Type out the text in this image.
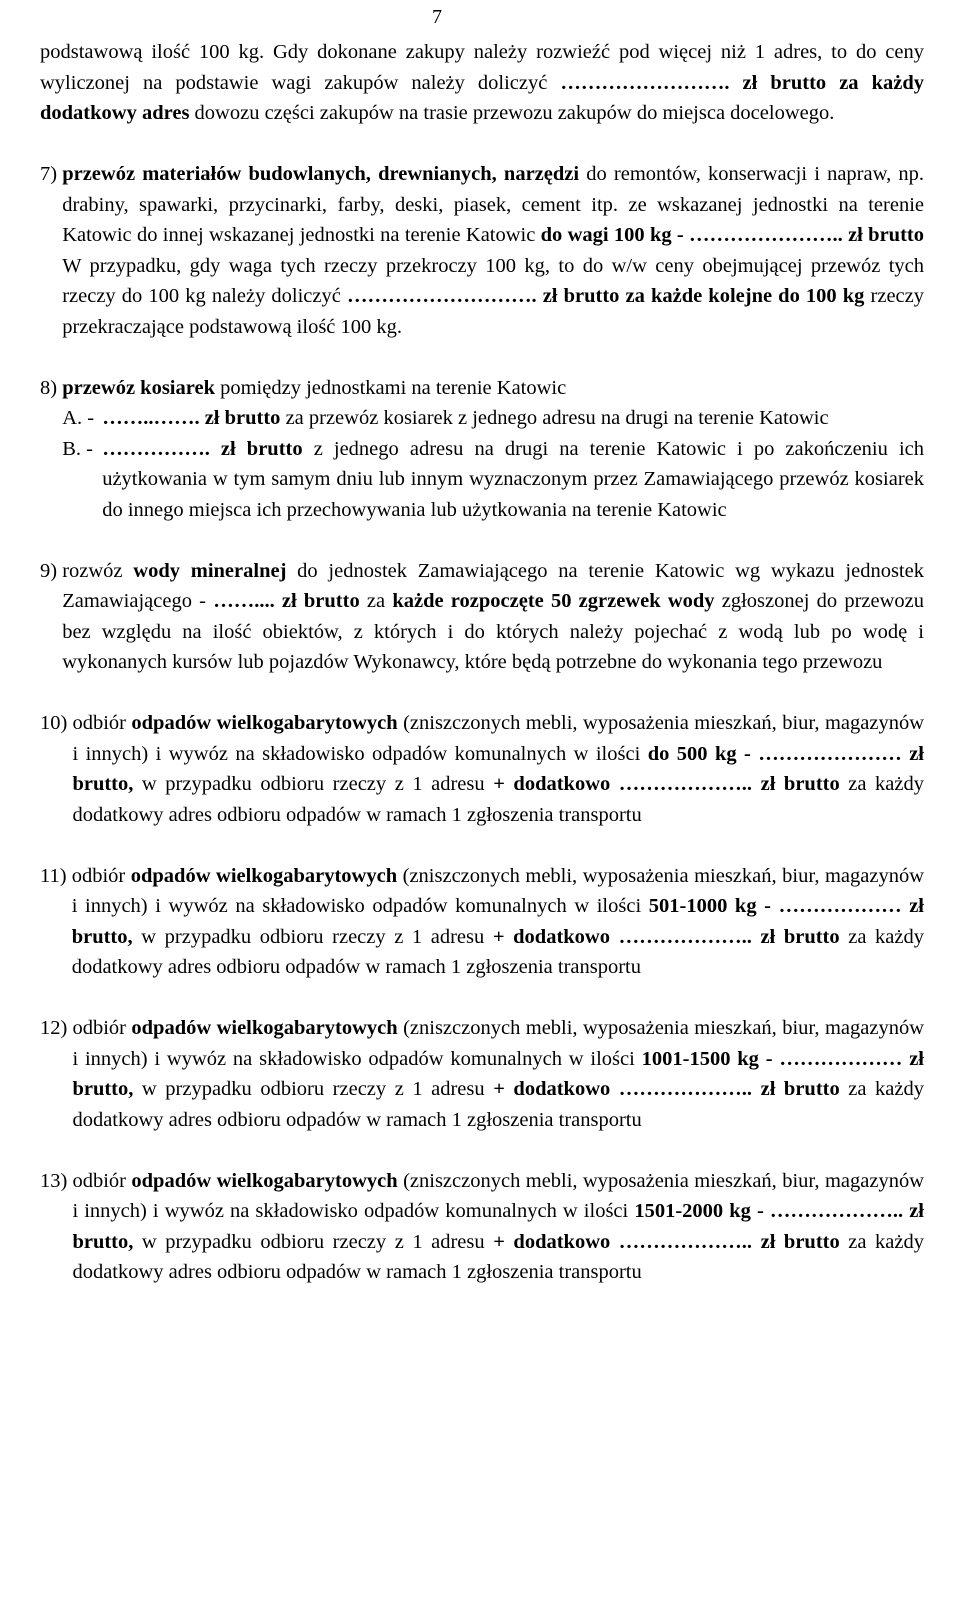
7

podstawową ilość 100 kg. Gdy dokonane zakupy należy rozwieźć pod więcej niż 1 adres, to do ceny wyliczonej na podstawie wagi zakupów należy doliczyć ……………………. zł brutto za każdy dodatkowy adres dowozu części zakupów na trasie przewozu zakupów do miejsca docelowego.

7) przewóz materiałów budowlanych, drewnianych, narzędzi do remontów, konserwacji i napraw, np. drabiny, spawarki, przycinarki, farby, deski, piasek, cement itp. ze wskazanej jednostki na terenie Katowic do innej wskazanej jednostki na terenie Katowic do wagi 100 kg - ………………….. zł brutto W przypadku, gdy waga tych rzeczy przekroczy 100 kg, to do w/w ceny obejmującej przewóz tych rzeczy do 100 kg należy doliczyć ………………………. zł brutto za każde kolejne do 100 kg rzeczy przekraczające podstawową ilość 100 kg.
8) przewóz kosiarek pomiędzy jednostkami na terenie Katowic
A. - ……..……. zł brutto za przewóz kosiarek z jednego adresu na drugi na terenie Katowic
B. - ……………. zł brutto z jednego adresu na drugi na terenie Katowic i po zakończeniu ich użytkowania w tym samym dniu lub innym wyznaczonym przez Zamawiającego przewóz kosiarek do innego miejsca ich przechowywania lub użytkowania na terenie Katowic
9) rozwóz wody mineralnej do jednostek Zamawiającego na terenie Katowic wg wykazu jednostek Zamawiającego - …….... zł brutto za każde rozpoczęte 50 zgrzewek wody zgłoszonej do przewozu bez względu na ilość obiektów, z których i do których należy pojechać z wodą lub po wodę i wykonanych kursów lub pojazdów Wykonawcy, które będą potrzebne do wykonania tego przewozu
10) odbiór odpadów wielkogabarytowych (zniszczonych mebli, wyposażenia mieszkań, biur, magazynów i innych) i wywóz na składowisko odpadów komunalnych w ilości do 500 kg - ………………… zł brutto, w przypadku odbioru rzeczy z 1 adresu + dodatkowo ……………….. zł brutto za każdy dodatkowy adres odbioru odpadów w ramach 1 zgłoszenia transportu
11) odbiór odpadów wielkogabarytowych (zniszczonych mebli, wyposażenia mieszkań, biur, magazynów i innych) i wywóz na składowisko odpadów komunalnych w ilości 501-1000 kg - ……………… zł brutto, w przypadku odbioru rzeczy z 1 adresu + dodatkowo ……………….. zł brutto za każdy dodatkowy adres odbioru odpadów w ramach 1 zgłoszenia transportu
12) odbiór odpadów wielkogabarytowych (zniszczonych mebli, wyposażenia mieszkań, biur, magazynów i innych) i wywóz na składowisko odpadów komunalnych w ilości 1001-1500 kg - ……………… zł brutto, w przypadku odbioru rzeczy z 1 adresu + dodatkowo ……………….. zł brutto za każdy dodatkowy adres odbioru odpadów w ramach 1 zgłoszenia transportu
13) odbiór odpadów wielkogabarytowych (zniszczonych mebli, wyposażenia mieszkań, biur, magazynów i innych) i wywóz na składowisko odpadów komunalnych w ilości 1501-2000 kg - ……………….. zł brutto, w przypadku odbioru rzeczy z 1 adresu + dodatkowo ……………….. zł brutto za każdy dodatkowy adres odbioru odpadów w ramach 1 zgłoszenia transportu
